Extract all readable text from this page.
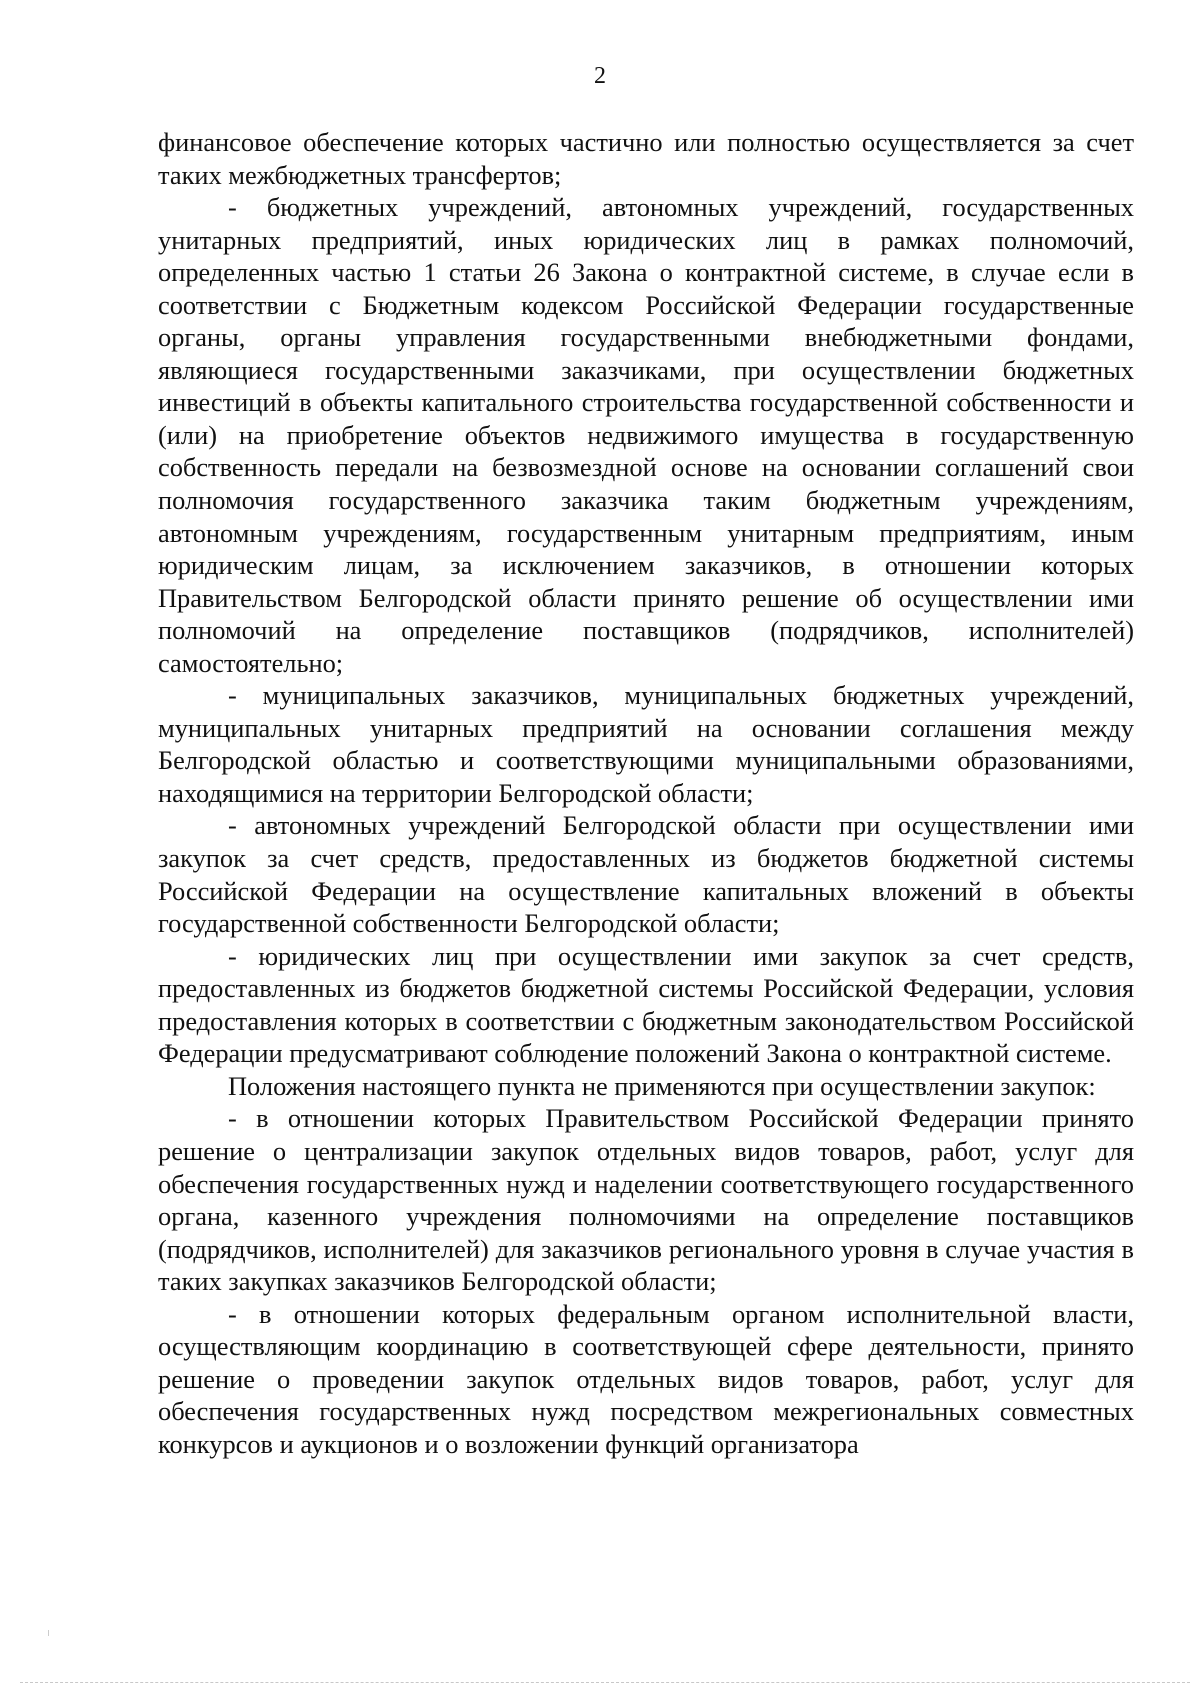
2

финансовое обеспечение которых частично или полностью осуществляется за счет таких межбюджетных трансфертов;

- бюджетных учреждений, автономных учреждений, государственных унитарных предприятий, иных юридических лиц в рамках полномочий, определенных частью 1 статьи 26 Закона о контрактной системе, в случае если в соответствии с Бюджетным кодексом Российской Федерации государственные органы, органы управления государственными внебюджетными фондами, являющиеся государственными заказчиками, при осуществлении бюджетных инвестиций в объекты капитального строительства государственной собственности и (или) на приобретение объектов недвижимого имущества в государственную собственность передали на безвозмездной основе на основании соглашений свои полномочия государственного заказчика таким бюджетным учреждениям, автономным учреждениям, государственным унитарным предприятиям, иным юридическим лицам, за исключением заказчиков, в отношении которых Правительством Белгородской области принято решение об осуществлении ими полномочий на определение поставщиков (подрядчиков, исполнителей) самостоятельно;

- муниципальных заказчиков, муниципальных бюджетных учреждений, муниципальных унитарных предприятий на основании соглашения между Белгородской областью и соответствующими муниципальными образованиями, находящимися на территории Белгородской области;

- автономных учреждений Белгородской области при осуществлении ими закупок за счет средств, предоставленных из бюджетов бюджетной системы Российской Федерации на осуществление капитальных вложений в объекты государственной собственности Белгородской области;

- юридических лиц при осуществлении ими закупок за счет средств, предоставленных из бюджетов бюджетной системы Российской Федерации, условия предоставления которых в соответствии с бюджетным законодательством Российской Федерации предусматривают соблюдение положений Закона о контрактной системе.

Положения настоящего пункта не применяются при осуществлении закупок:

- в отношении которых Правительством Российской Федерации принято решение о централизации закупок отдельных видов товаров, работ, услуг для обеспечения государственных нужд и наделении соответствующего государственного органа, казенного учреждения полномочиями на определение поставщиков (подрядчиков, исполнителей) для заказчиков регионального уровня в случае участия в таких закупках заказчиков Белгородской области;

- в отношении которых федеральным органом исполнительной власти, осуществляющим координацию в соответствующей сфере деятельности, принято решение о проведении закупок отдельных видов товаров, работ, услуг для обеспечения государственных нужд посредством межрегиональных совместных конкурсов и аукционов и о возложении функций организатора
